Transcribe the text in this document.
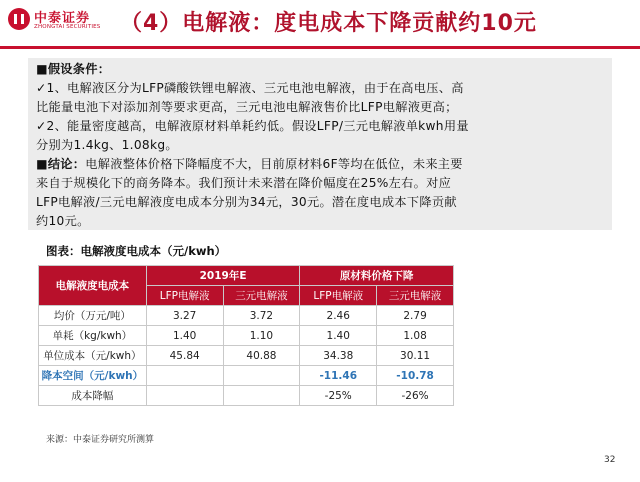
中泰证券
ZHONGTAI SECURITIES （4）电解液：度电成本下降贡献约10元
■假设条件：
✓1、电解液区分为LFP磷酸铁锂电解液、三元电池电解液，由于在高电压、高
比能量电池下对添加剂等要求更高，三元电池电解液售价比LFP电解液更高；
✓2、能量密度越高，电解液原材料单耗约低。假设LFP/三元电解液单kwh用量
分别为1.4kg、1.08kg。
■结论：电解液整体价格下降幅度不大，目前原材料6F等均在低位，未来主要
来自于规模化下的商务降本。我们预计未来潜在降价幅度在25%左右。对应
LFP电解液/三元电解液度电成本分别为34元，30元。潜在度电成本下降贡献
约10元。
图表：电解液度电成本（元/kwh）
电解液度电成本	2019年E		原材料价格下降	
	LFP电解液	三元电解液	LFP电解液	三元电解液
均价（万元/吨）	3.27	3.72	2.46	2.79
单耗（kg/kwh）	1.40	1.10	1.40	1.08
单位成本（元/kwh）	45.84	40.88	34.38	30.11
降本空间（元/kwh）			-11.46	-10.78
成本降幅			-25%	-26%
来源：中泰证券研究所测算
32
